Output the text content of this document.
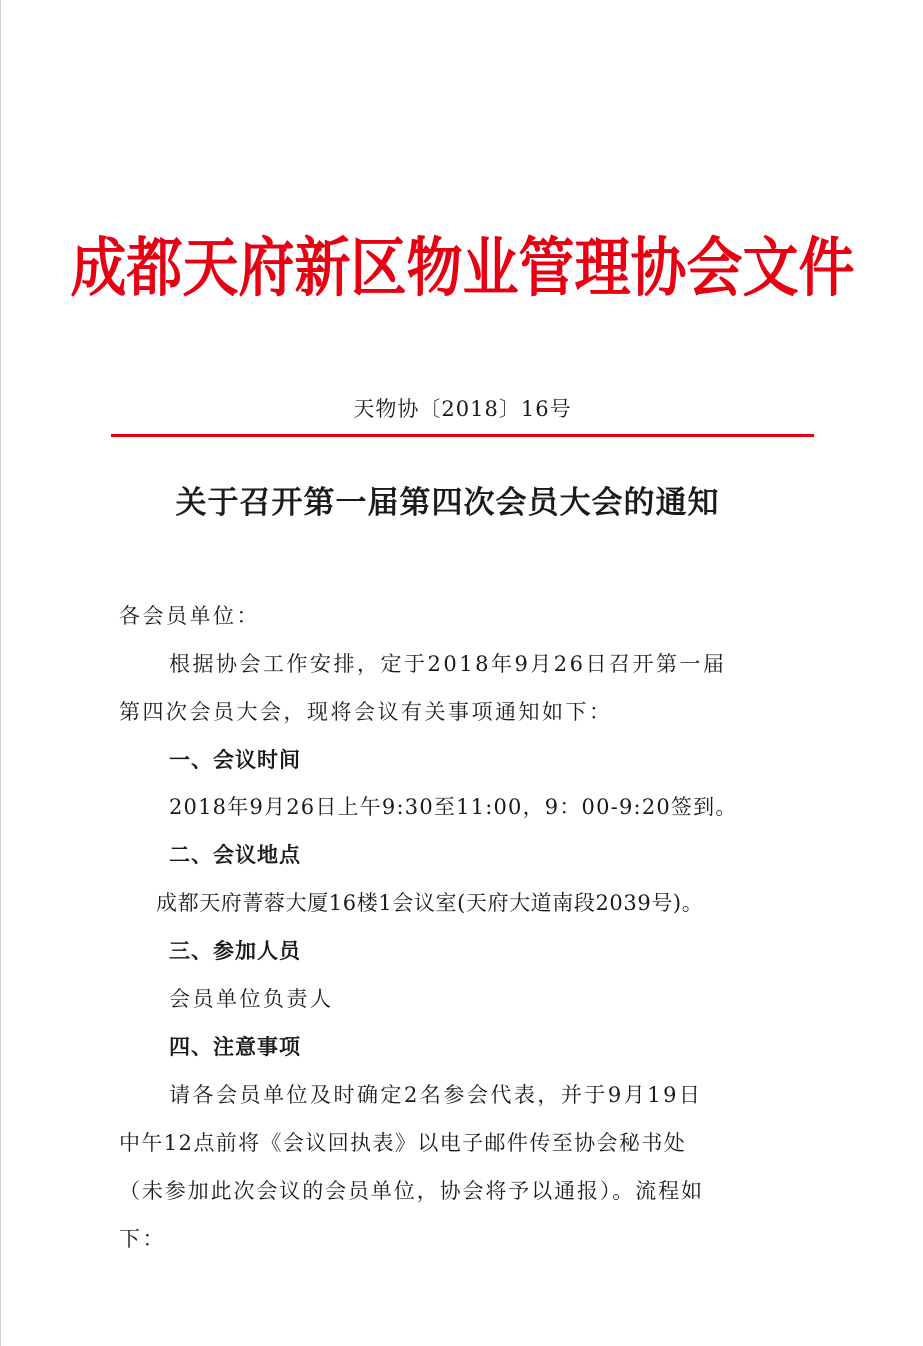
成都天府新区物业管理协会文件
天物协〔2018〕16号
关于召开第一届第四次会员大会的通知
各会员单位：
根据协会工作安排，定于2018年9月26日召开第一届
第四次会员大会，现将会议有关事项通知如下：
一、会议时间
2018年9月26日上午9:30至11:00，9：00-9:20签到。
二、会议地点
成都天府菁蓉大厦16楼1会议室(天府大道南段2039号)。
三、参加人员
会员单位负责人
四、注意事项
请各会员单位及时确定2名参会代表，并于9月19日
中午12点前将《会议回执表》以电子邮件传至协会秘书处
（未参加此次会议的会员单位，协会将予以通报）。流程如
下：
